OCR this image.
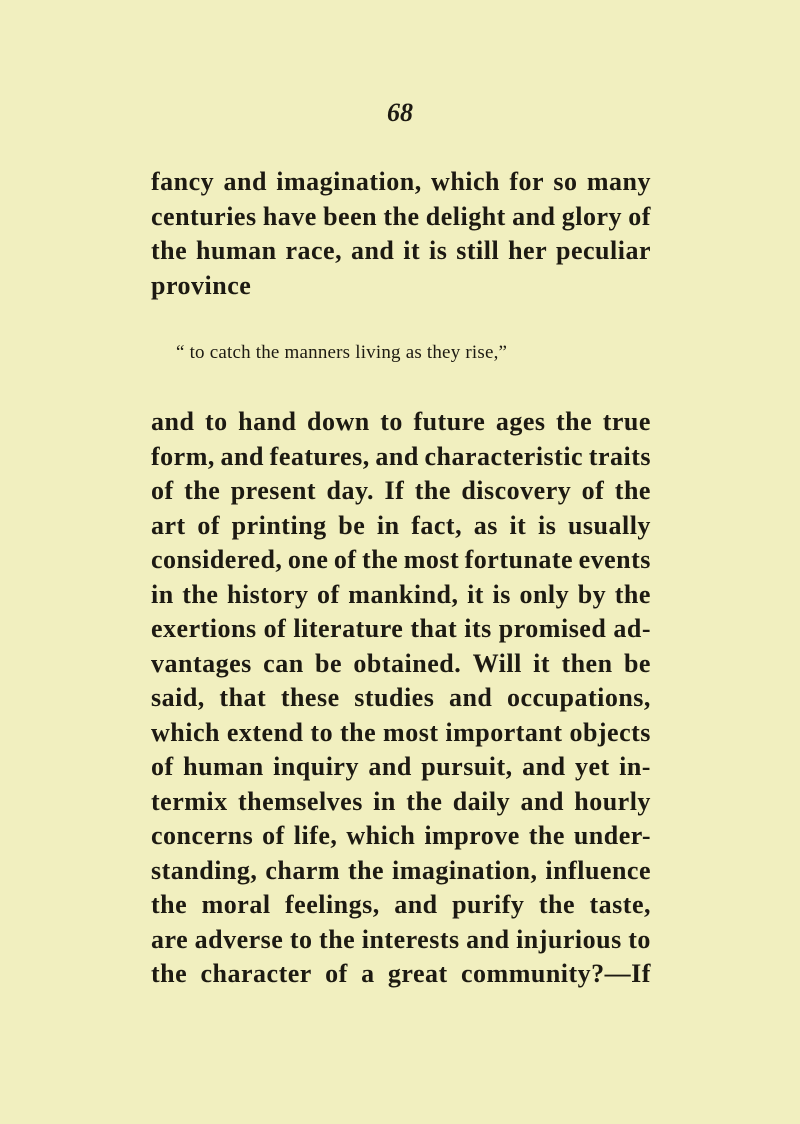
68
fancy and imagination, which for so many
centuries have been the delight and glory of
the human race, and it is still her peculiar
province

“ to catch the manners living as they rise,”

and to hand down to future ages the true
form, and features, and characteristic traits
of the present day. If the discovery of the
art of printing be in fact, as it is usually
considered, one of the most fortunate events
in the history of mankind, it is only by the
exertions of literature that its promised ad-
vantages can be obtained. Will it then be
said, that these studies and occupations,
which extend to the most important objects
of human inquiry and pursuit, and yet in-
termix themselves in the daily and hourly
concerns of life, which improve the under-
standing, charm the imagination, influence
the moral feelings, and purify the taste,
are adverse to the interests and injurious to
the character of a great community?—If
